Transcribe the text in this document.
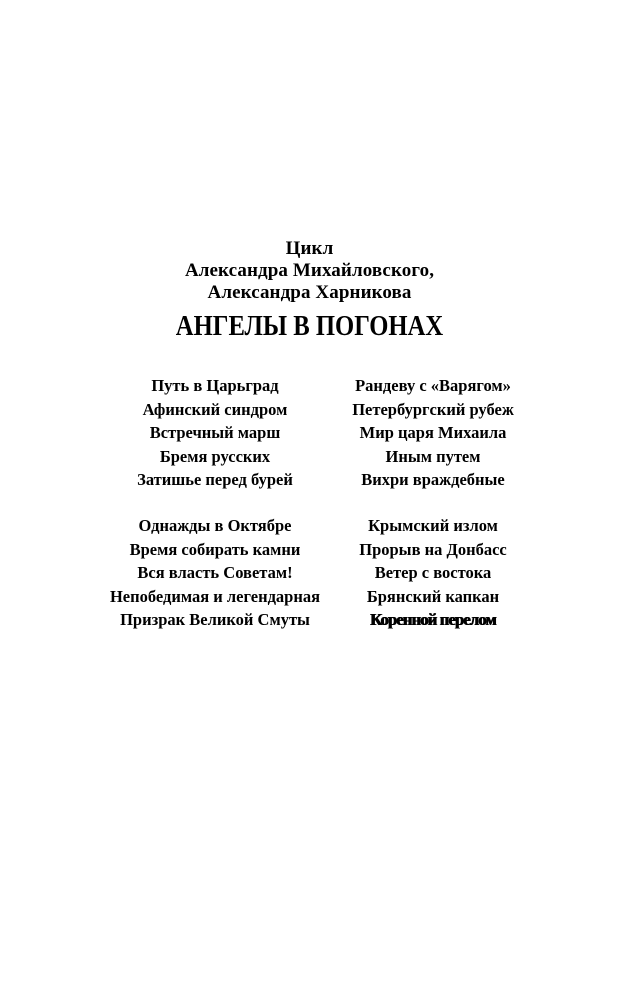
Цикл
Александра Михайловского,
Александра Харникова
АНГЕЛЫ В ПОГОНАХ
Путь в Царьград
Афинский синдром
Встречный марш
Бремя русских
Затишье перед бурей
Рандеву с «Варягом»
Петербургский рубеж
Мир царя Михаила
Иным путем
Вихри враждебные
Однажды в Октябре
Время собирать камни
Вся власть Советам!
Непобедимая и легендарная
Призрак Великой Смуты
Крымский излом
Прорыв на Донбасс
Ветер с востока
Брянский капкан
Коренной перелом
